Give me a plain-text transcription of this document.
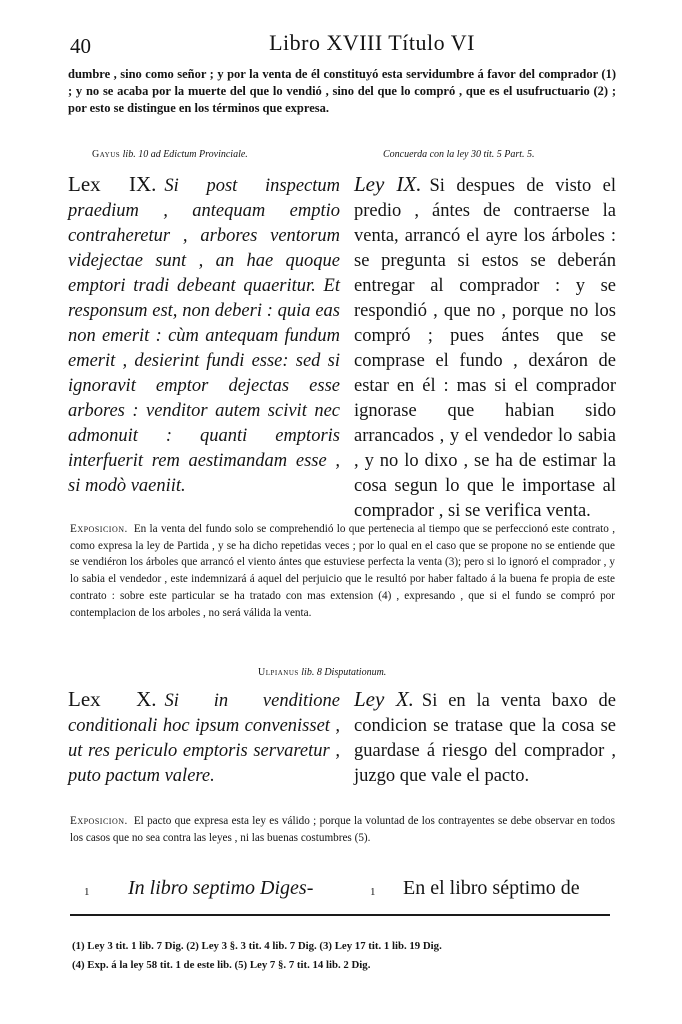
40	Libro XVIII Título VI
dumbre , sino como señor ; y por la venta de él constituyó esta servidumbre á favor del comprador (1) ; y no se acaba por la muerte del que lo vendió , sino del que lo compró , que es el usufructuario (2) ; por esto se distingue en los términos que expresa.
Gayus lib. 10 ad Edictum Provinciale.	Concuerda con la ley 30 tit. 5 Part. 5.
Lex IX. Si post inspectum praedium , antequam emptio contraheretur , arbores ventorum videjectae sunt , an hae quoque emptori tradi debeant quaeritur. Et responsum est, non deberi : quia eas non emerit : cùm antequam fundum emerit , desierint fundi esse: sed si ignoravit emptor dejectas esse arbores : venditor autem scivit nec admonuit : quanti emptoris interfuerit rem aestimandam esse , si modò vaeniit.
Ley IX. Si despues de visto el predio , ántes de contraerse la venta, arrancó el ayre los árboles : se pregunta si estos se deberán entregar al comprador : y se respondió , que no , porque no los compró ; pues ántes que se comprase el fundo , dexáron de estar en él : mas si el comprador ignorase que habian sido arrancados , y el vendedor lo sabia , y no lo dixo , se ha de estimar la cosa segun lo que le importase al comprador , si se verifica venta.
Exposicion. En la venta del fundo solo se comprehendió lo que pertenecia al tiempo que se perfeccionó este contrato , como expresa la ley de Partida , y se ha dicho repetidas veces ; por lo qual en el caso que se propone no se entiende que se vendiéron los árboles que arrancó el viento ántes que estuviese perfecta la venta (3); pero si lo ignoró el comprador , y lo sabia el vendedor , este indemnizará á aquel del perjuicio que le resultó por haber faltado á la buena fe propia de este contrato : sobre este particular se ha tratado con mas extension (4) , expresando , que si el fundo se compró por contemplacion de los arboles , no será válida la venta.
Ulpianus lib. 8 Disputationum.
Lex X. Si in venditione conditionali hoc ipsum convenisset , ut res periculo emptoris servaretur , puto pactum valere.
Ley X. Si en la venta baxo de condicion se tratase que la cosa se guardase á riesgo del comprador , juzgo que vale el pacto.
Exposicion. El pacto que expresa esta ley es válido ; porque la voluntad de los contrayentes se debe observar en todos los casos que no sea contra las leyes , ni las buenas costumbres (5).
1 In libro septimo Diges-	1 En el libro séptimo de
(1) Ley 3 tit. 1 lib. 7 Dig. (2) Ley 3 §. 3 tit. 4 lib. 7 Dig. (3) Ley 17 tit. 1 lib. 19 Dig.
(4) Exp. á la ley 58 tit. 1 de este lib. (5) Ley 7 §. 7 tit. 14 lib. 2 Dig.
